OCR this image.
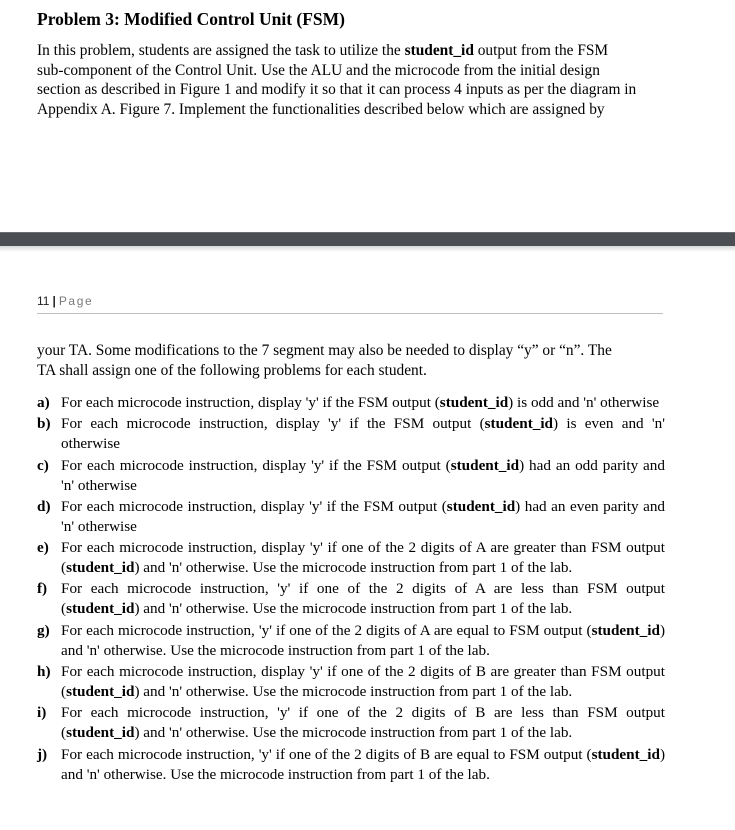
Problem 3: Modified Control Unit (FSM)

In this problem, students are assigned the task to utilize the student_id output from the FSM
sub-component of the Control Unit. Use the ALU and the microcode from the initial design
section as described in Figure 1 and modify it so that it can process 4 inputs as per the diagram in
Appendix A. Figure 7. Implement the functionalities described below which are assigned by

11 | Page

your TA. Some modifications to the 7 segment may also be needed to display “y” or “n”. The
TA shall assign one of the following problems for each student.

a) For each microcode instruction, display 'y' if the FSM output (student_id) is odd and 'n' otherwise
b) For each microcode instruction, display 'y' if the FSM output (student_id) is even and 'n' otherwise
c) For each microcode instruction, display 'y' if the FSM output (student_id) had an odd parity and 'n' otherwise
d) For each microcode instruction, display 'y' if the FSM output (student_id) had an even parity and 'n' otherwise
e) For each microcode instruction, display 'y' if one of the 2 digits of A are greater than FSM output (student_id) and 'n' otherwise. Use the microcode instruction from part 1 of the lab.
f) For each microcode instruction, 'y' if one of the 2 digits of A are less than FSM output (student_id) and 'n' otherwise. Use the microcode instruction from part 1 of the lab.
g) For each microcode instruction, 'y' if one of the 2 digits of A are equal to FSM output (student_id) and 'n' otherwise. Use the microcode instruction from part 1 of the lab.
h) For each microcode instruction, display 'y' if one of the 2 digits of B are greater than FSM output (student_id) and 'n' otherwise. Use the microcode instruction from part 1 of the lab.
i) For each microcode instruction, 'y' if one of the 2 digits of B are less than FSM output (student_id) and 'n' otherwise. Use the microcode instruction from part 1 of the lab.
j) For each microcode instruction, 'y' if one of the 2 digits of B are equal to FSM output (student_id) and 'n' otherwise. Use the microcode instruction from part 1 of the lab.
